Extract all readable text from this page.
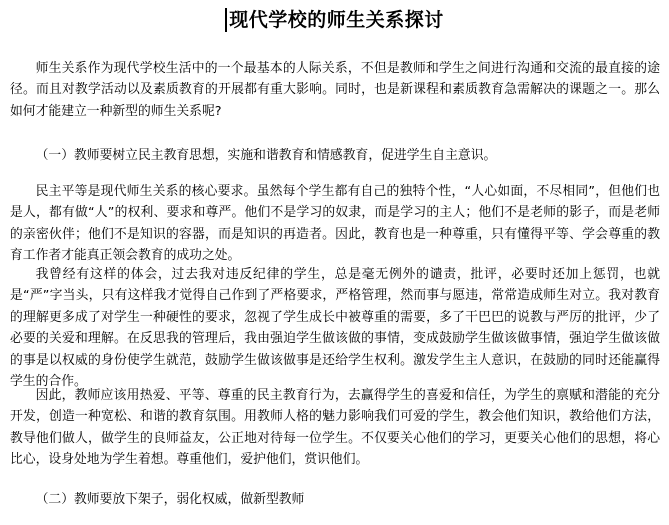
现代学校的师生关系探讨

师生关系作为现代学校生活中的一个最基本的人际关系，不但是教师和学生之间进行沟通和交流的最直接的途径。而且对教学活动以及素质教育的开展都有重大影响。同时，也是新课程和素质教育急需解决的课题之一。那么如何才能建立一种新型的师生关系呢?

（一）教师要树立民主教育思想，实施和谐教育和情感教育，促进学生自主意识。

民主平等是现代师生关系的核心要求。虽然每个学生都有自己的独特个性，“人心如面，不尽相同”，但他们也是人，都有做“人”的权利、要求和尊严。他们不是学习的奴隶，而是学习的主人；他们不是老师的影子，而是老师的亲密伙伴；他们不是知识的容器，而是知识的再造者。因此，教育也是一种尊重，只有懂得平等、学会尊重的教育工作者才能真正领会教育的成功之处。

我曾经有这样的体会，过去我对违反纪律的学生，总是毫无例外的谴责，批评，必要时还加上惩罚，也就是“严”字当头，只有这样我才觉得自己作到了严格要求，严格管理，然而事与愿违，常常造成师生对立。我对教育的理解更多成了对学生一种硬性的要求，忽视了学生成长中被尊重的需要，多了干巴巴的说教与严厉的批评，少了必要的关爱和理解。在反思我的管理后，我由强迫学生做该做的事情，变成鼓励学生做该做事情，强迫学生做该做的事是以权威的身份使学生就范，鼓励学生做该做事是还给学生权利。激发学生主人意识，在鼓励的同时还能赢得学生的合作。

因此，教师应该用热爱、平等、尊重的民主教育行为，去赢得学生的喜爱和信任，为学生的禀赋和潜能的充分开发，创造一种宽松、和谐的教育氛围。用教师人格的魅力影响我们可爱的学生，教会他们知识，教给他们方法，教导他们做人，做学生的良师益友，公正地对待每一位学生。不仅要关心他们的学习，更要关心他们的思想，将心比心，设身处地为学生着想。尊重他们，爱护他们，赏识他们。

（二）教师要放下架子，弱化权威，做新型教师
